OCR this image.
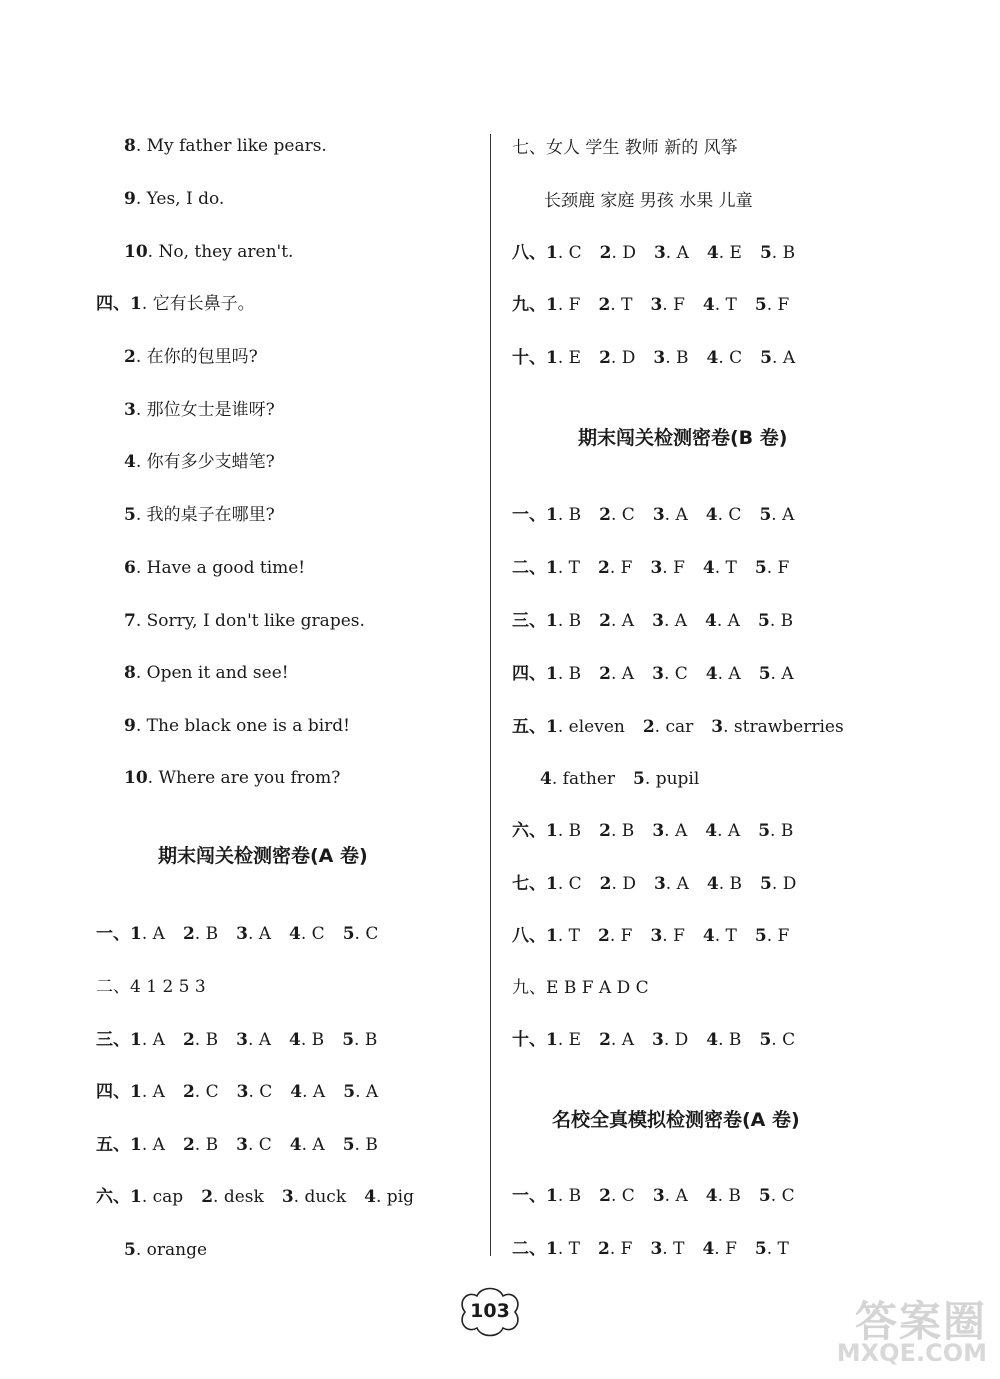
8. My father like pears.
9. Yes, I do.
10. No, they aren't.
四、1. 它有长鼻子。
2. 在你的包里吗?
3. 那位女士是谁呀?
4. 你有多少支蜡笔?
5. 我的桌子在哪里?
6. Have a good time!
7. Sorry, I don't like grapes.
8. Open it and see!
9. The black one is a bird!
10. Where are you from?
一、1. A 2. B 3. A 4. C 5. C
二、4 1 2 5 3
三、1. A 2. B 3. A 4. B 5. B
四、1. A 2. C 3. C 4. A 5. A
五、1. A 2. B 3. C 4. A 5. B
六、1. cap 2. desk 3. duck 4. pig
5. orange
期末闯关检测密卷(A 卷)
七、女人 学生 教师 新的 风筝
长颈鹿 家庭 男孩 水果 儿童
八、1. C 2. D 3. A 4. E 5. B
九、1. F 2. T 3. F 4. T 5. F
十、1. E 2. D 3. B 4. C 5. A
一、1. B 2. C 3. A 4. C 5. A
二、1. T 2. F 3. F 4. T 5. F
三、1. B 2. A 3. A 4. A 5. B
四、1. B 2. A 3. C 4. A 5. A
五、1. eleven 2. car 3. strawberries
4. father 5. pupil
六、1. B 2. B 3. A 4. A 5. B
七、1. C 2. D 3. A 4. B 5. D
八、1. T 2. F 3. F 4. T 5. F
九、E B F A D C
十、1. E 2. A 3. D 4. B 5. C
一、1. B 2. C 3. A 4. B 5. C
二、1. T 2. F 3. T 4. F 5. T
期末闯关检测密卷(B 卷)
名校全真模拟检测密卷(A 卷)
103	答案圈
MXQE.COM
